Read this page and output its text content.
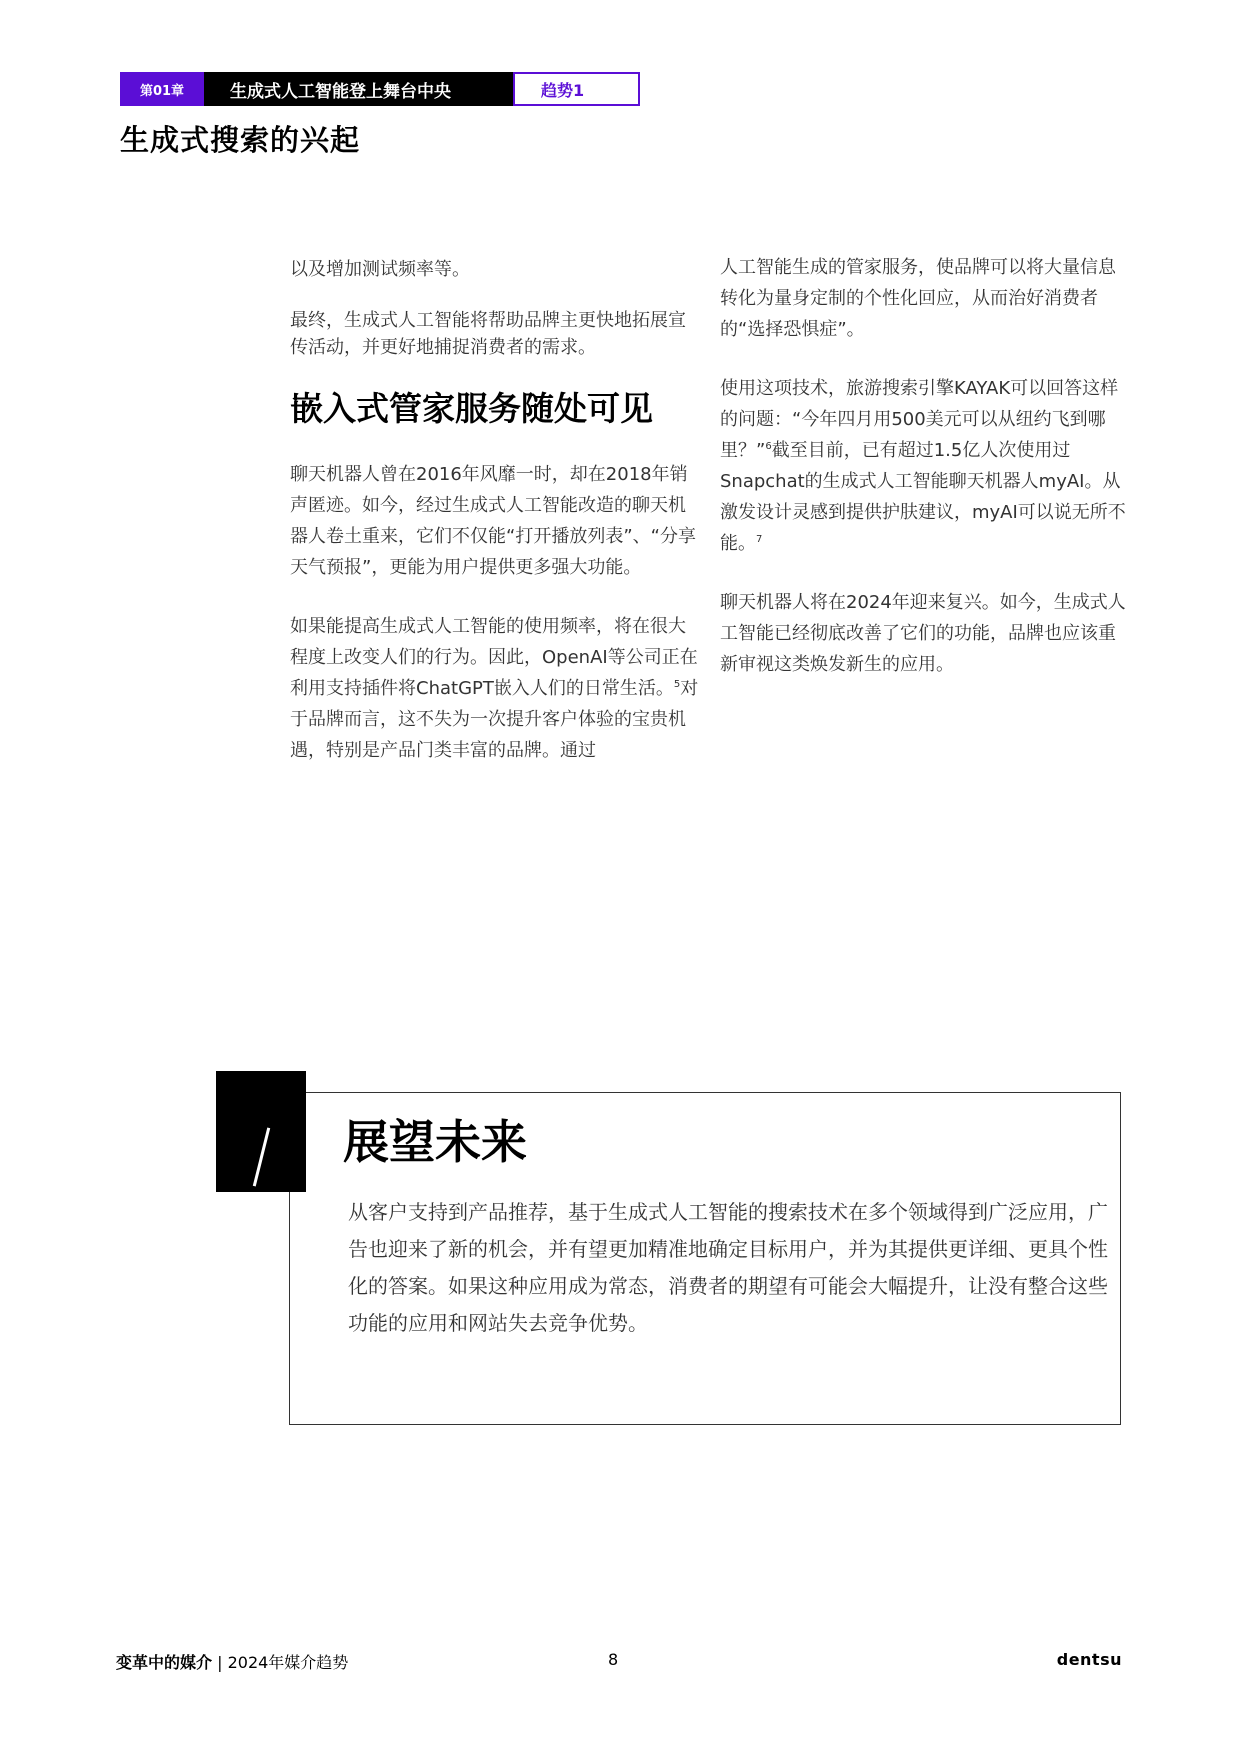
第01章	生成式人工智能登上舞台中央	趋势1
生成式搜索的兴起

以及增加测试频率等。

最终，生成式人工智能将帮助品牌主更快地拓展宣传活动，并更好地捕捉消费者的需求。

嵌入式管家服务随处可见

聊天机器人曾在2016年风靡一时，却在2018年销声匿迹。如今，经过生成式人工智能改造的聊天机器人卷土重来，它们不仅能“打开播放列表”、“分享天气预报”，更能为用户提供更多强大功能。

如果能提高生成式人工智能的使用频率，将在很大程度上改变人们的行为。因此，OpenAI等公司正在利用支持插件将ChatGPT嵌入人们的日常生活。$^5$对于品牌而言，这不失为一次提升客户体验的宝贵机遇，特别是产品门类丰富的品牌。通过

人工智能生成的管家服务，使品牌可以将大量信息转化为量身定制的个性化回应，从而治好消费者的“选择恐惧症”。

使用这项技术，旅游搜索引擎KAYAK可以回答这样的问题：“今年四月用500美元可以从纽约飞到哪里？”$^6$截至目前，已有超过1.5亿人次使用过Snapchat的生成式人工智能聊天机器人myAI。从激发设计灵感到提供护肤建议，myAI可以说无所不能。$^7$

聊天机器人将在2024年迎来复兴。如今，生成式人工智能已经彻底改善了它们的功能，品牌也应该重新审视这类焕发新生的应用。

展望未来

从客户支持到产品推荐，基于生成式人工智能的搜索技术在多个领域得到广泛应用，广告也迎来了新的机会，并有望更加精准地确定目标用户，并为其提供更详细、更具个性化的答案。如果这种应用成为常态，消费者的期望有可能会大幅提升，让没有整合这些功能的应用和网站失去竞争优势。

变革中的媒介 | 2024年媒介趋势	8	dentsu
